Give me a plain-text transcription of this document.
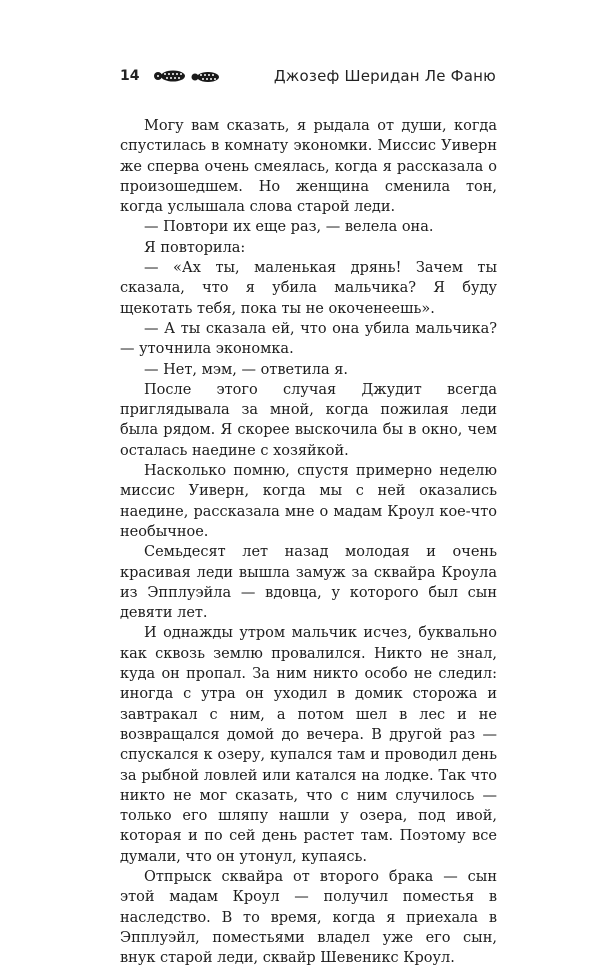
14	Джозеф Шеридан Ле Фаню

Могу вам сказать, я рыдала от души, когда спустилась в комнату экономки. Миссис Уиверн же сперва очень смеялась, когда я рассказала о произошедшем. Но женщина сменила тон, когда услышала слова старой леди.

— Повтори их еще раз, — велела она.

Я повторила:

— «Ах ты, маленькая дрянь! Зачем ты сказала, что я убила мальчика? Я буду щекотать тебя, пока ты не окоченеешь».

— А ты сказала ей, что она убила мальчика? — уточнила экономка.

— Нет, мэм, — ответила я.

После этого случая Джудит всегда приглядывала за мной, когда пожилая леди была рядом. Я скорее выскочила бы в окно, чем осталась наедине с хозяйкой.

Насколько помню, спустя примерно неделю миссис Уиверн, когда мы с ней оказались наедине, рассказала мне о мадам Кроул кое-что необычное.

Семьдесят лет назад молодая и очень красивая леди вышла замуж за сквайра Кроула из Эпплуэйла — вдовца, у которого был сын девяти лет.

И однажды утром мальчик исчез, буквально как сквозь землю провалился. Никто не знал, куда он пропал. За ним никто особо не следил: иногда с утра он уходил в домик сторожа и завтракал с ним, а потом шел в лес и не возвращался домой до вечера. В другой раз — спускался к озеру, купался там и проводил день за рыбной ловлей или катался на лодке. Так что никто не мог сказать, что с ним случилось — только его шляпу нашли у озера, под ивой, которая и по сей день растет там. Поэтому все думали, что он утонул, купаясь.

Отпрыск сквайра от второго брака — сын этой мадам Кроул — получил поместья в наследство. В то время, когда я приехала в Эпплуэйл, поместьями владел уже его сын, внук старой леди, сквайр Шевеникс Кроул.
